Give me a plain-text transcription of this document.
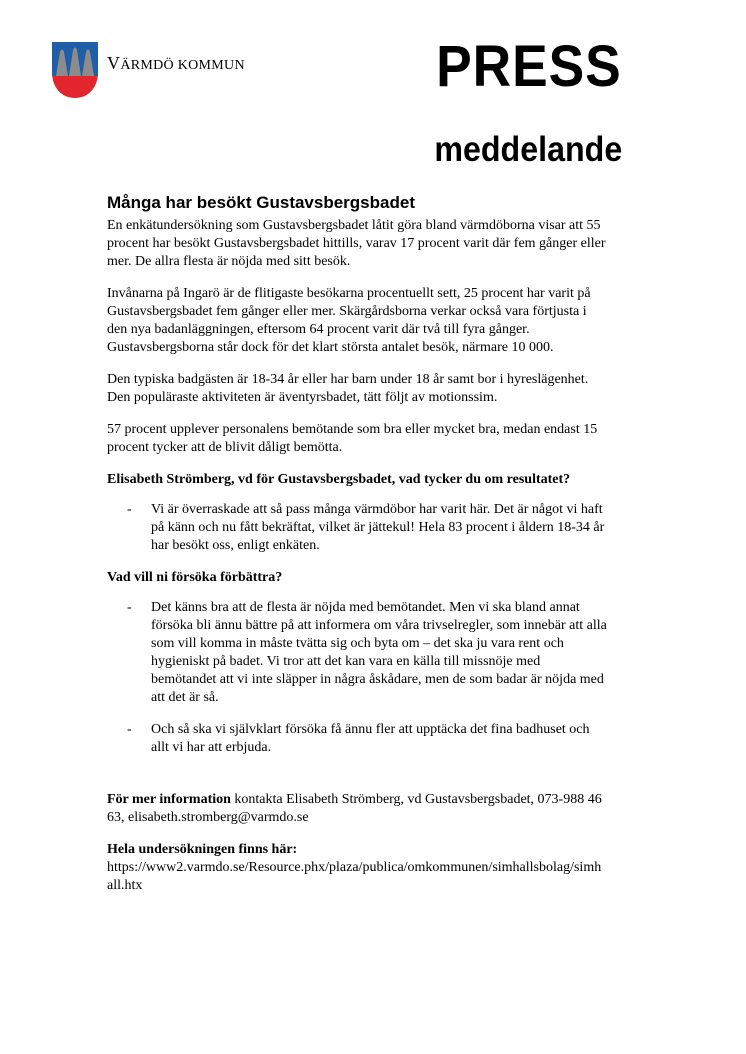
VÄRMDÖ KOMMUN	PRESS
meddelande
Många har besökt Gustavsbergsbadet

En enkätundersökning som Gustavsbergsbadet låtit göra bland värmdöborna visar att 55 procent har besökt Gustavsbergsbadet hittills, varav 17 procent varit där fem gånger eller mer. De allra flesta är nöjda med sitt besök.

Invånarna på Ingarö är de flitigaste besökarna procentuellt sett, 25 procent har varit på Gustavsbergsbadet fem gånger eller mer. Skärgårdsborna verkar också vara förtjusta i den nya badanläggningen, eftersom 64 procent varit där två till fyra gånger. Gustavsbergsborna står dock för det klart största antalet besök, närmare 10 000.

Den typiska badgästen är 18-34 år eller har barn under 18 år samt bor i hyreslägenhet. Den populäraste aktiviteten är äventyrsbadet, tätt följt av motionssim.

57 procent upplever personalens bemötande som bra eller mycket bra, medan endast 15 procent tycker att de blivit dåligt bemötta.

Elisabeth Strömberg, vd för Gustavsbergsbadet, vad tycker du om resultatet?

-	Vi är överraskade att så pass många värmdöbor har varit här. Det är något vi haft på känn och nu fått bekräftat, vilket är jättekul! Hela 83 procent i åldern 18-34 år har besökt oss, enligt enkäten.

Vad vill ni försöka förbättra?

-	Det känns bra att de flesta är nöjda med bemötandet. Men vi ska bland annat försöka bli ännu bättre på att informera om våra trivselregler, som innebär att alla som vill komma in måste tvätta sig och byta om – det ska ju vara rent och hygieniskt på badet. Vi tror att det kan vara en källa till missnöje med bemötandet att vi inte släpper in några åskådare, men de som badar är nöjda med att det är så.
-	Och så ska vi självklart försöka få ännu fler att upptäcka det fina badhuset och allt vi har att erbjuda.

För mer information kontakta Elisabeth Strömberg, vd Gustavsbergsbadet, 073-988 46 63, elisabeth.stromberg@varmdo.se

Hela undersökningen finns här:
https://www2.varmdo.se/Resource.phx/plaza/publica/omkommunen/simhallsbolag/simhall.htx
